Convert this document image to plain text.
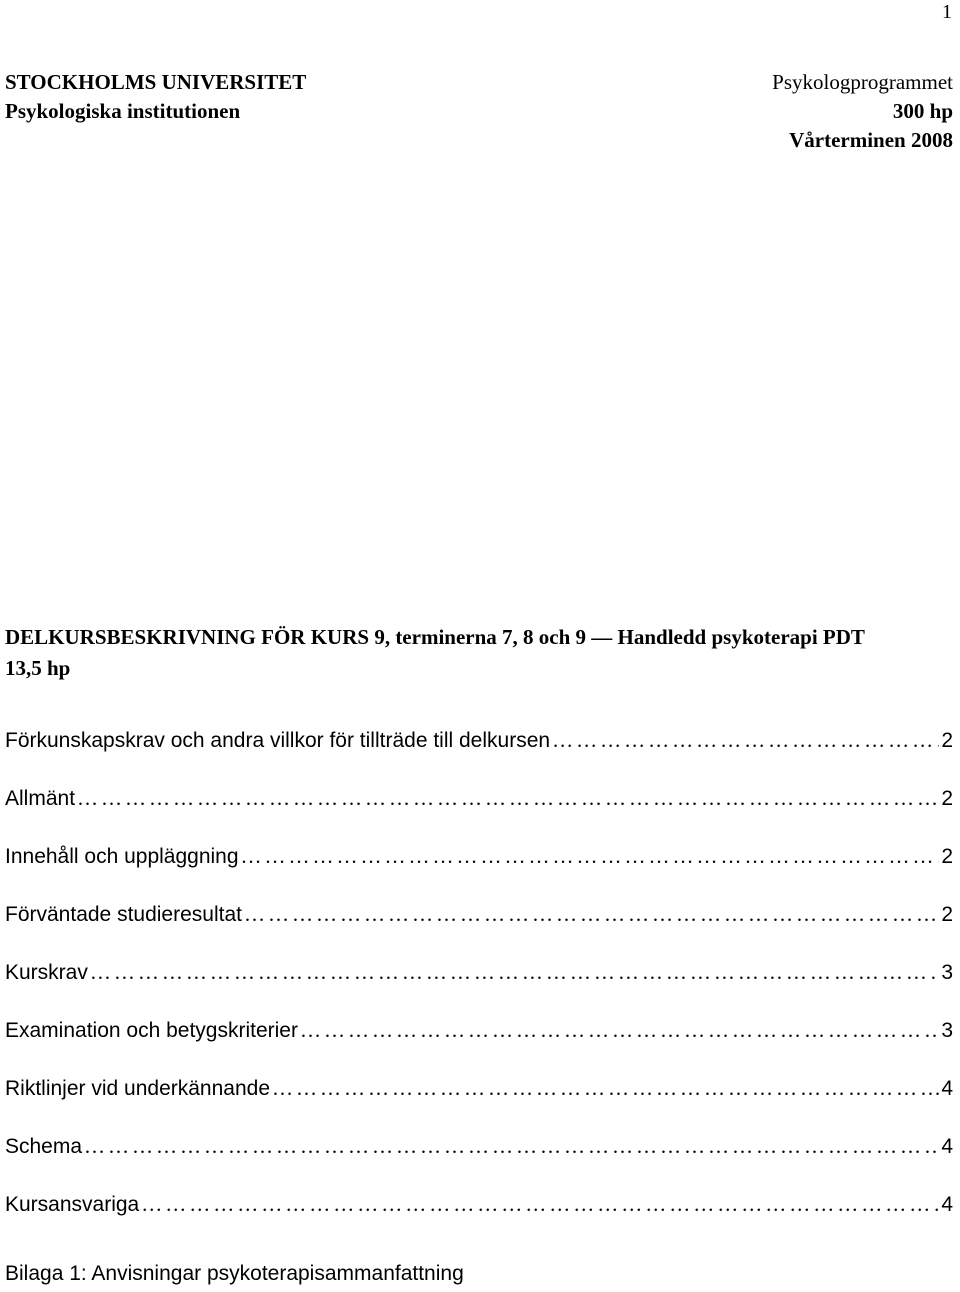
1
STOCKHOLMS UNIVERSITET
Psykologiska institutionen
Psykologprogrammet
300 hp
Vårterminen 2008
DELKURSBESKRIVNING FÖR KURS 9, terminerna 7, 8 och 9 — Handledd psykoterapi PDT 13,5 hp
Förkunskapskrav och andra villkor för tillträde till delkursen …………………………………………………………………………………………………………………………………………………………	2
Allmänt …………………………………………………………………………………………………………………………………………………………	2
Innehåll och uppläggning …………………………………………………………………………………………………………………………………………………………	2
Förväntade studieresultat …………………………………………………………………………………………………………………………………………………………	2
Kurskrav …………………………………………………………………………………………………………………………………………………………	3
Examination och betygskriterier …………………………………………………………………………………………………………………………………………………………	3
Riktlinjer vid underkännande …………………………………………………………………………………………………………………………………………………………	4
Schema …………………………………………………………………………………………………………………………………………………………	4
Kursansvariga …………………………………………………………………………………………………………………………………………………………	4
Bilaga 1: Anvisningar psykoterapisammanfattning
